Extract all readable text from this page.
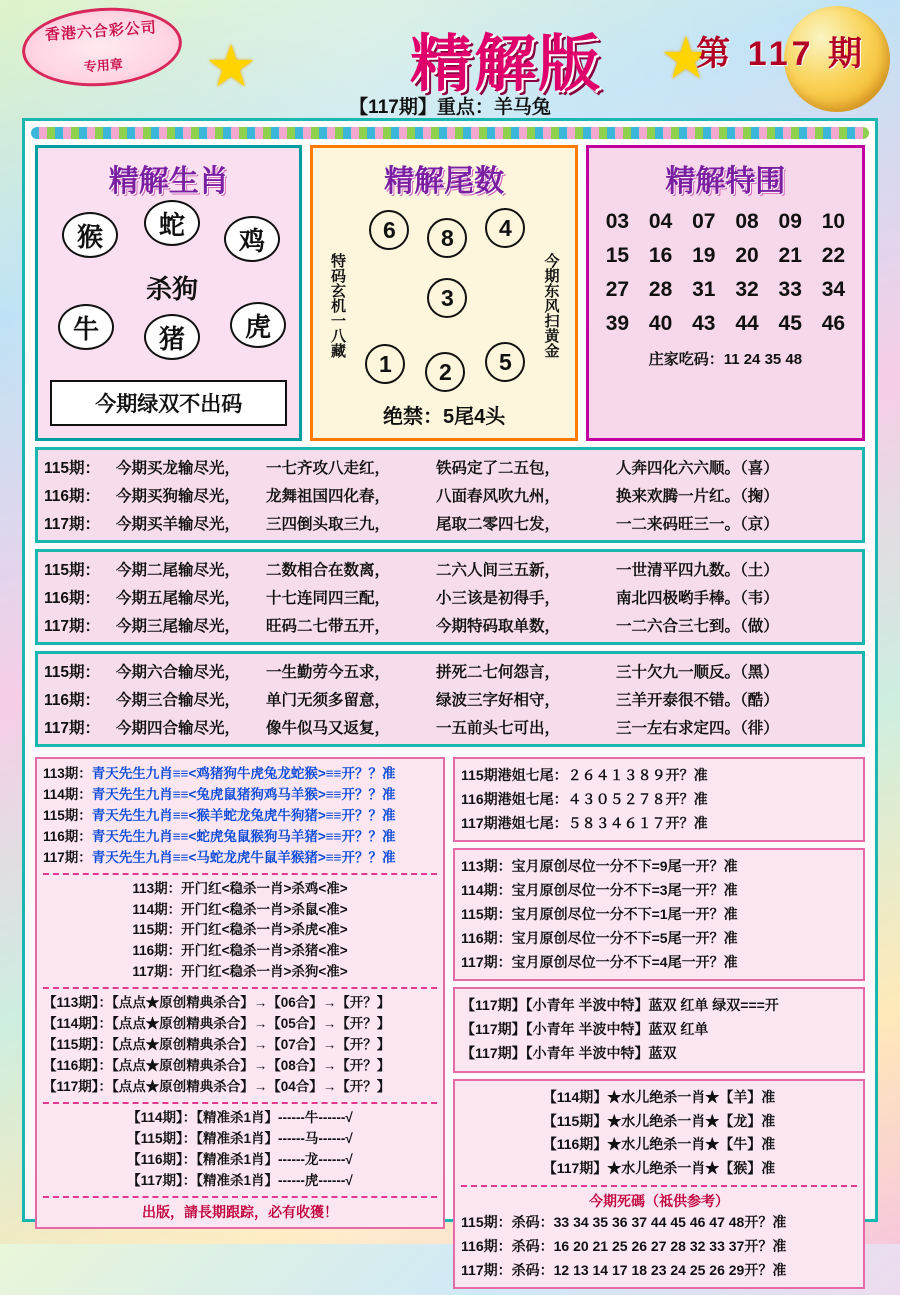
香港六合彩公司
专用章 ★	★
精解版	第 117 期
【117期】重点：羊马兔
精解生肖
猴	蛇
鸡
杀狗
牛	猪	虎
今期绿双不出码
精解尾数
特码玄机一八藏
6	8	4
3
1	2	5
今期东风扫黄金
绝禁：5尾4头
精解特围
03 04 07 08 09 10
15 16 19 20 21 22
27 28 31 32 33 34
39 40 43 44 45 46
庄家吃码：11 24 35 48
115期：	今期买龙输尽光，	一七齐攻八走红，	铁码定了二五包，	人奔四化六六顺。（喜）
116期：	今期买狗输尽光，	龙舞祖国四化春，	八面春风吹九州，	换来欢腾一片红。（掬）
117期：	今期买羊输尽光，	三四倒头取三九，	尾取二零四七发，	一二来码旺三一。（京）
115期：	今期二尾输尽光，	二数相合在数离，	二六人间三五新，	一世清平四九数。（土）
116期：	今期五尾输尽光，	十七连同四三配，	小三该是初得手，	南北四极哟手棒。（韦）
117期：	今期三尾输尽光，	旺码二七带五开，	今期特码取单数，	一二六合三七到。（做）
115期：	今期六合输尽光，	一生勤劳今五求，	拼死二七何怨言，	三十欠九一顺反。（黑）
116期：	今期三合输尽光，	单门无须多留意，	绿波三字好相守，	三羊开泰很不错。（酷）
117期：	今期四合输尽光，	像牛似马又返复，	一五前头七可出，	三一左右求定四。（徘）
113期：青天先生九肖≡≡<鸡猪狗牛虎兔龙蛇猴>≡≡开？？准
114期：青天先生九肖≡≡<兔虎鼠猪狗鸡马羊猴>≡≡开？？准
115期：青天先生九肖≡≡<猴羊蛇龙兔虎牛狗猪>≡≡开？？准
116期：青天先生九肖≡≡<蛇虎兔鼠猴狗马羊猪>≡≡开？？准
117期：青天先生九肖≡≡<马蛇龙虎牛鼠羊猴猪>≡≡开？？准
113期：开门红<稳杀一肖>杀鸡<准>
114期：开门红<稳杀一肖>杀鼠<准>
115期：开门红<稳杀一肖>杀虎<准>
116期：开门红<稳杀一肖>杀猪<准>
117期：开门红<稳杀一肖>杀狗<准>
【113期】：【点点★原创精典杀合】→【06合】→【开？】
【114期】：【点点★原创精典杀合】→【05合】→【开？】
【115期】：【点点★原创精典杀合】→【07合】→【开？】
【116期】：【点点★原创精典杀合】→【08合】→【开？】
【117期】：【点点★原创精典杀合】→【04合】→【开？】
【114期】：【精准杀1肖】------牛------√
【115期】：【精准杀1肖】------马------√
【116期】：【精准杀1肖】------龙------√
【117期】：【精准杀1肖】------虎------√
出版，請長期跟踪，必有收獲！
115期港姐七尾：２６４１３８９开？准
116期港姐七尾：４３０５２７８开？准
117期港姐七尾：５８３４６１７开？准
113期：宝月原创尽位一分不下=9尾一开？准
114期：宝月原创尽位一分不下=3尾一开？准
115期：宝月原创尽位一分不下=1尾一开？准
116期：宝月原创尽位一分不下=5尾一开？准
117期：宝月原创尽位一分不下=4尾一开？准
【117期】【小青年 半波中特】蓝双 红单 绿双===开
【117期】【小青年 半波中特】蓝双 红单
【117期】【小青年 半波中特】蓝双
【114期】★水儿绝杀一肖★【羊】准
【115期】★水儿绝杀一肖★【龙】准
【116期】★水儿绝杀一肖★【牛】准
【117期】★水儿绝杀一肖★【猴】准
今期死碼（祗供参考）
115期：杀码：33 34 35 36 37 44 45 46 47 48开？准
116期：杀码：16 20 21 25 26 27 28 32 33 37开？准
117期：杀码：12 13 14 17 18 23 24 25 26 29开？准
